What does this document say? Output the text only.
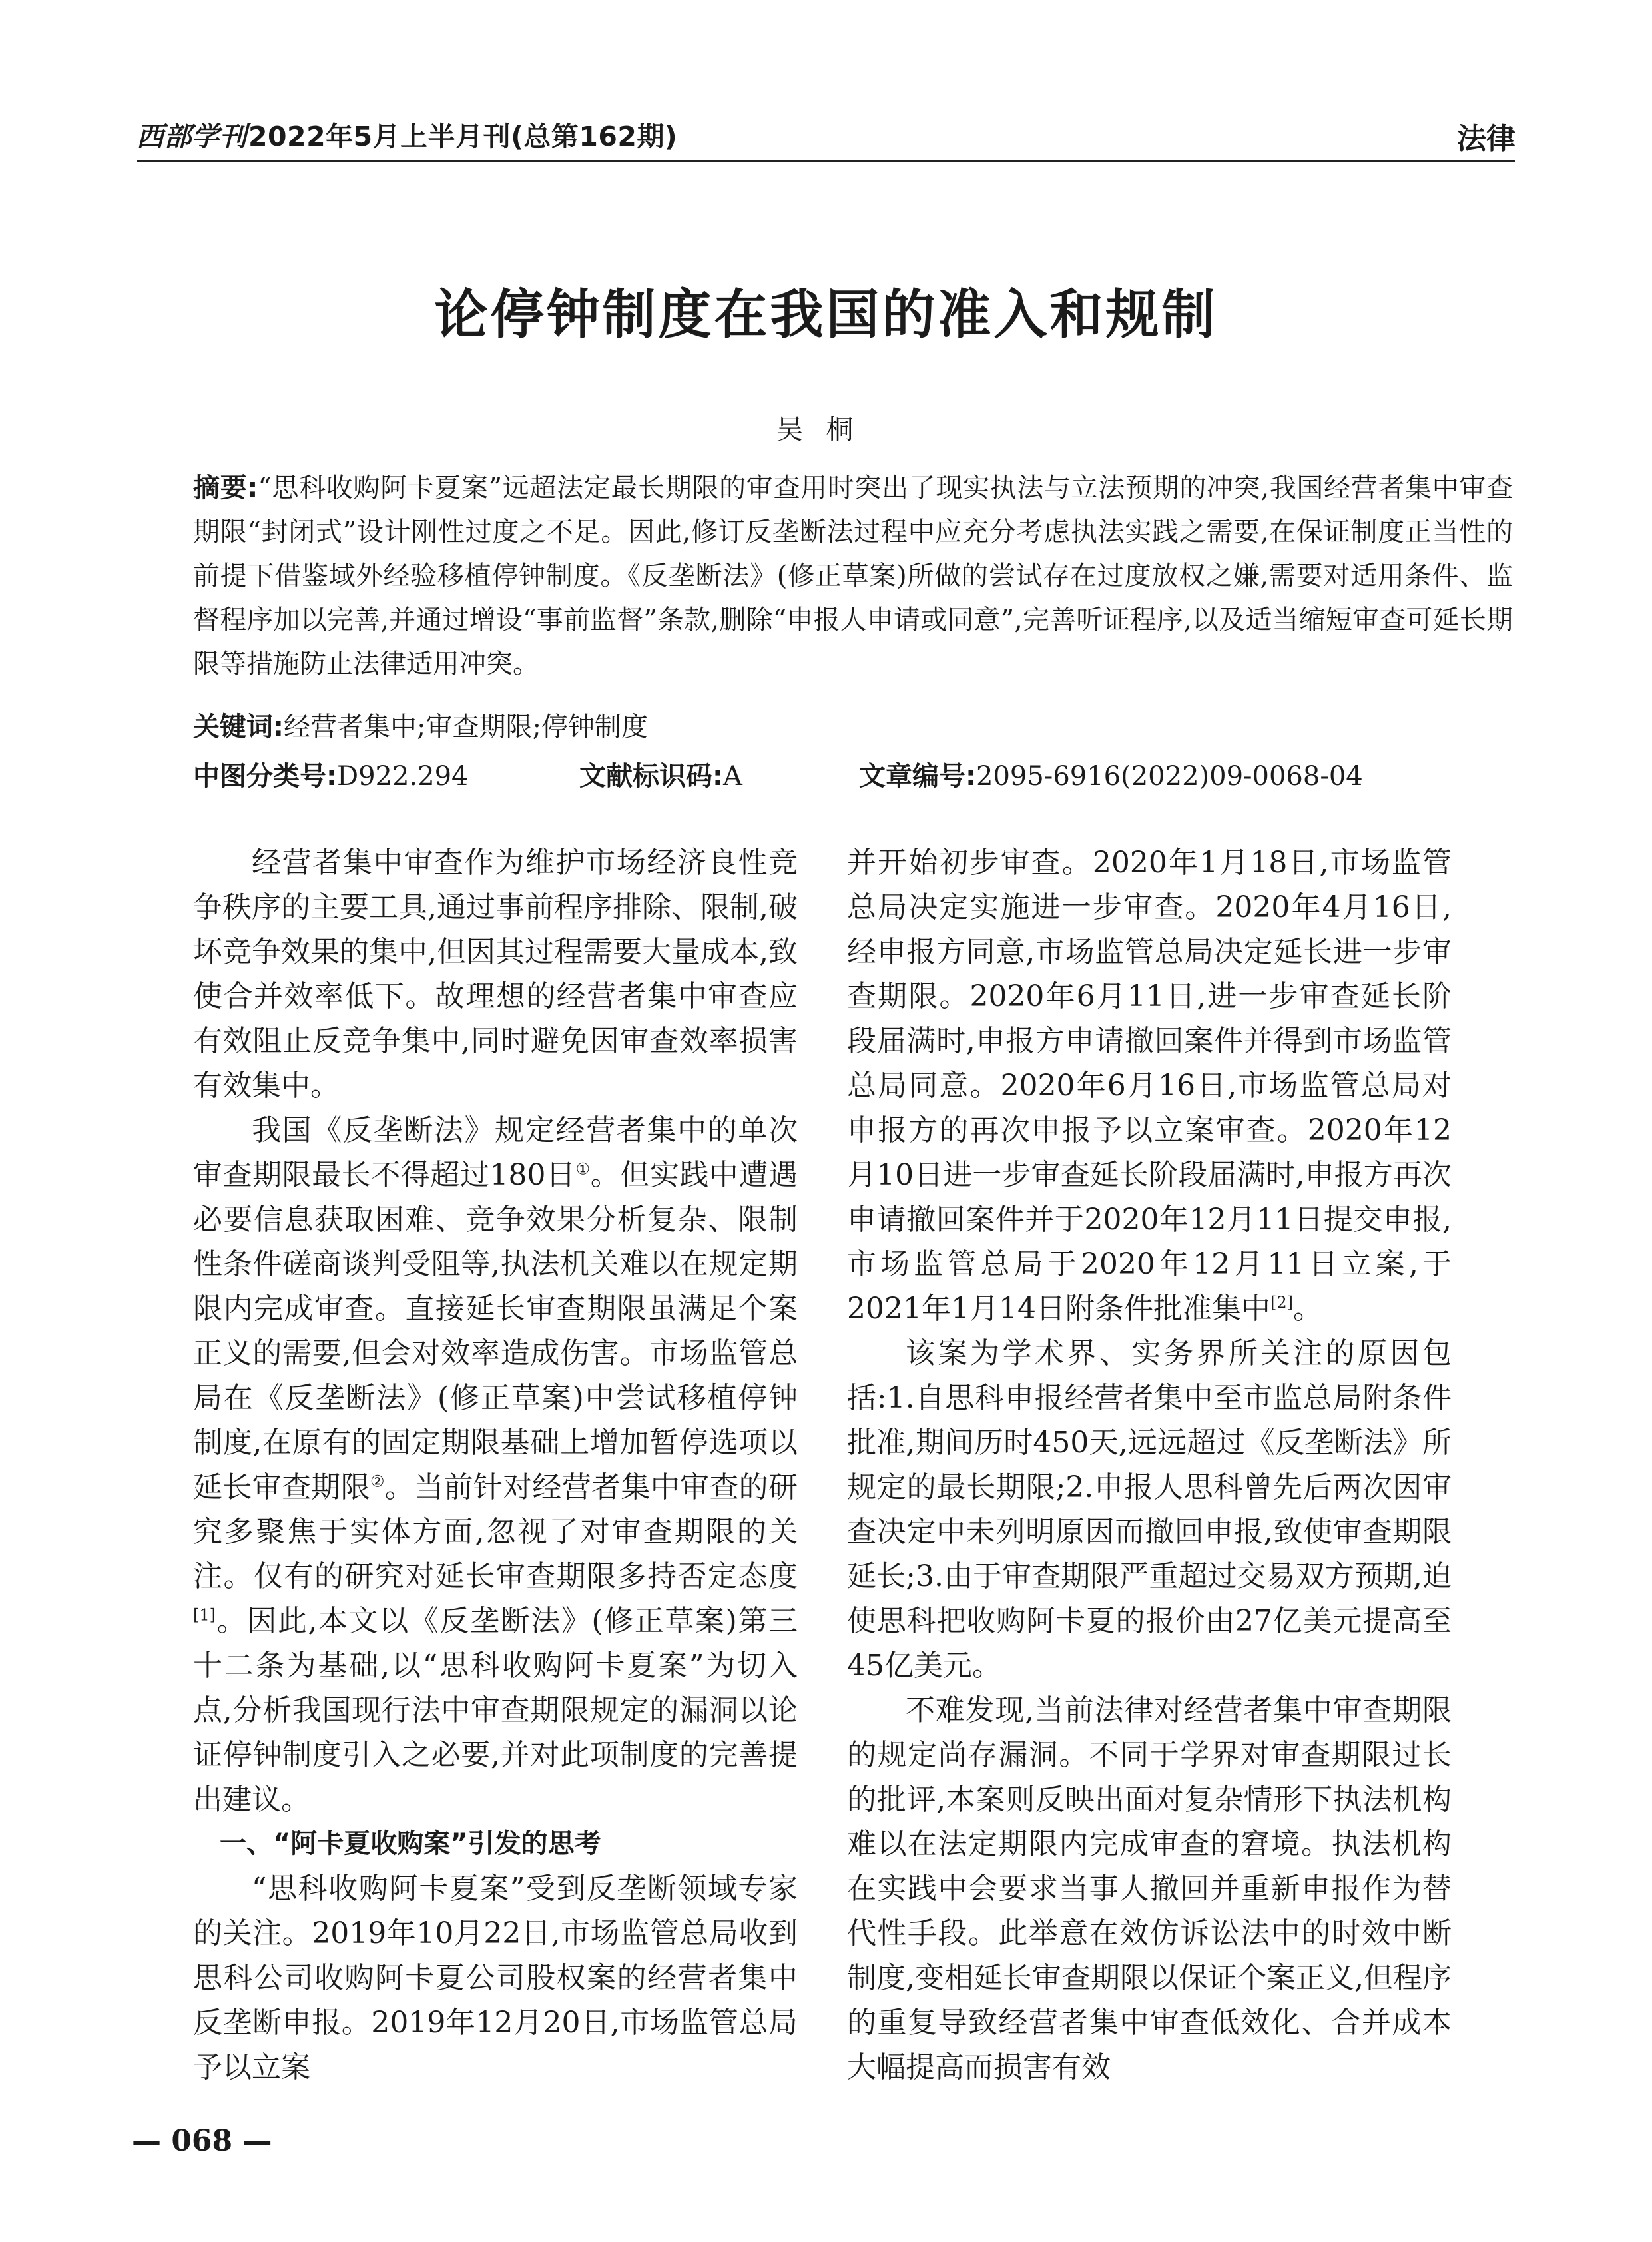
西部学刊2022年5月上半月刊(总第162期)	法律
论停钟制度在我国的准入和规制
吴桐

摘要:“思科收购阿卡夏案”远超法定最长期限的审查用时突出了现实执法与立法预期的冲突,我国经营者集中审查期限“封闭式”设计刚性过度之不足。因此,修订反垄断法过程中应充分考虑执法实践之需要,在保证制度正当性的前提下借鉴域外经验移植停钟制度。《反垄断法》(修正草案)所做的尝试存在过度放权之嫌,需要对适用条件、监督程序加以完善,并通过增设“事前监督”条款,删除“申报人申请或同意”,完善听证程序,以及适当缩短审查可延长期限等措施防止法律适用冲突。

关键词:经营者集中;审查期限;停钟制度
中图分类号:D922.294	文献标识码:A	文章编号:2095-6916(2022)09-0068-04

经营者集中审查作为维护市场经济良性竞争秩序的主要工具,通过事前程序排除、限制,破坏竞争效果的集中,但因其过程需要大量成本,致使合并效率低下。故理想的经营者集中审查应有效阻止反竞争集中,同时避免因审查效率损害有效集中。

我国《反垄断法》规定经营者集中的单次审查期限最长不得超过180日①。但实践中遭遇必要信息获取困难、竞争效果分析复杂、限制性条件磋商谈判受阻等,执法机关难以在规定期限内完成审查。直接延长审查期限虽满足个案正义的需要,但会对效率造成伤害。市场监管总局在《反垄断法》(修正草案)中尝试移植停钟制度,在原有的固定期限基础上增加暂停选项以延长审查期限②。当前针对经营者集中审查的研究多聚焦于实体方面,忽视了对审查期限的关注。仅有的研究对延长审查期限多持否定态度[1]。因此,本文以《反垄断法》(修正草案)第三十二条为基础,以“思科收购阿卡夏案”为切入点,分析我国现行法中审查期限规定的漏洞以论证停钟制度引入之必要,并对此项制度的完善提出建议。

一、“阿卡夏收购案”引发的思考

“思科收购阿卡夏案”受到反垄断领域专家的关注。2019年10月22日,市场监管总局收到思科公司收购阿卡夏公司股权案的经营者集中反垄断申报。2019年12月20日,市场监管总局予以立案

并开始初步审查。2020年1月18日,市场监管总局决定实施进一步审查。2020年4月16日,经申报方同意,市场监管总局决定延长进一步审查期限。2020年6月11日,进一步审查延长阶段届满时,申报方申请撤回案件并得到市场监管总局同意。2020年6月16日,市场监管总局对申报方的再次申报予以立案审查。2020年12月10日进一步审查延长阶段届满时,申报方再次申请撤回案件并于2020年12月11日提交申报,市场监管总局于2020年12月11日立案,于2021年1月14日附条件批准集中[2]。

该案为学术界、实务界所关注的原因包括:1.自思科申报经营者集中至市监总局附条件批准,期间历时450天,远远超过《反垄断法》所规定的最长期限;2.申报人思科曾先后两次因审查决定中未列明原因而撤回申报,致使审查期限延长;3.由于审查期限严重超过交易双方预期,迫使思科把收购阿卡夏的报价由27亿美元提高至45亿美元。

不难发现,当前法律对经营者集中审查期限的规定尚存漏洞。不同于学界对审查期限过长的批评,本案则反映出面对复杂情形下执法机构难以在法定期限内完成审查的窘境。执法机构在实践中会要求当事人撤回并重新申报作为替代性手段。此举意在效仿诉讼法中的时效中断制度,变相延长审查期限以保证个案正义,但程序的重复导致经营者集中审查低效化、合并成本大幅提高而损害有效

— 068 —
